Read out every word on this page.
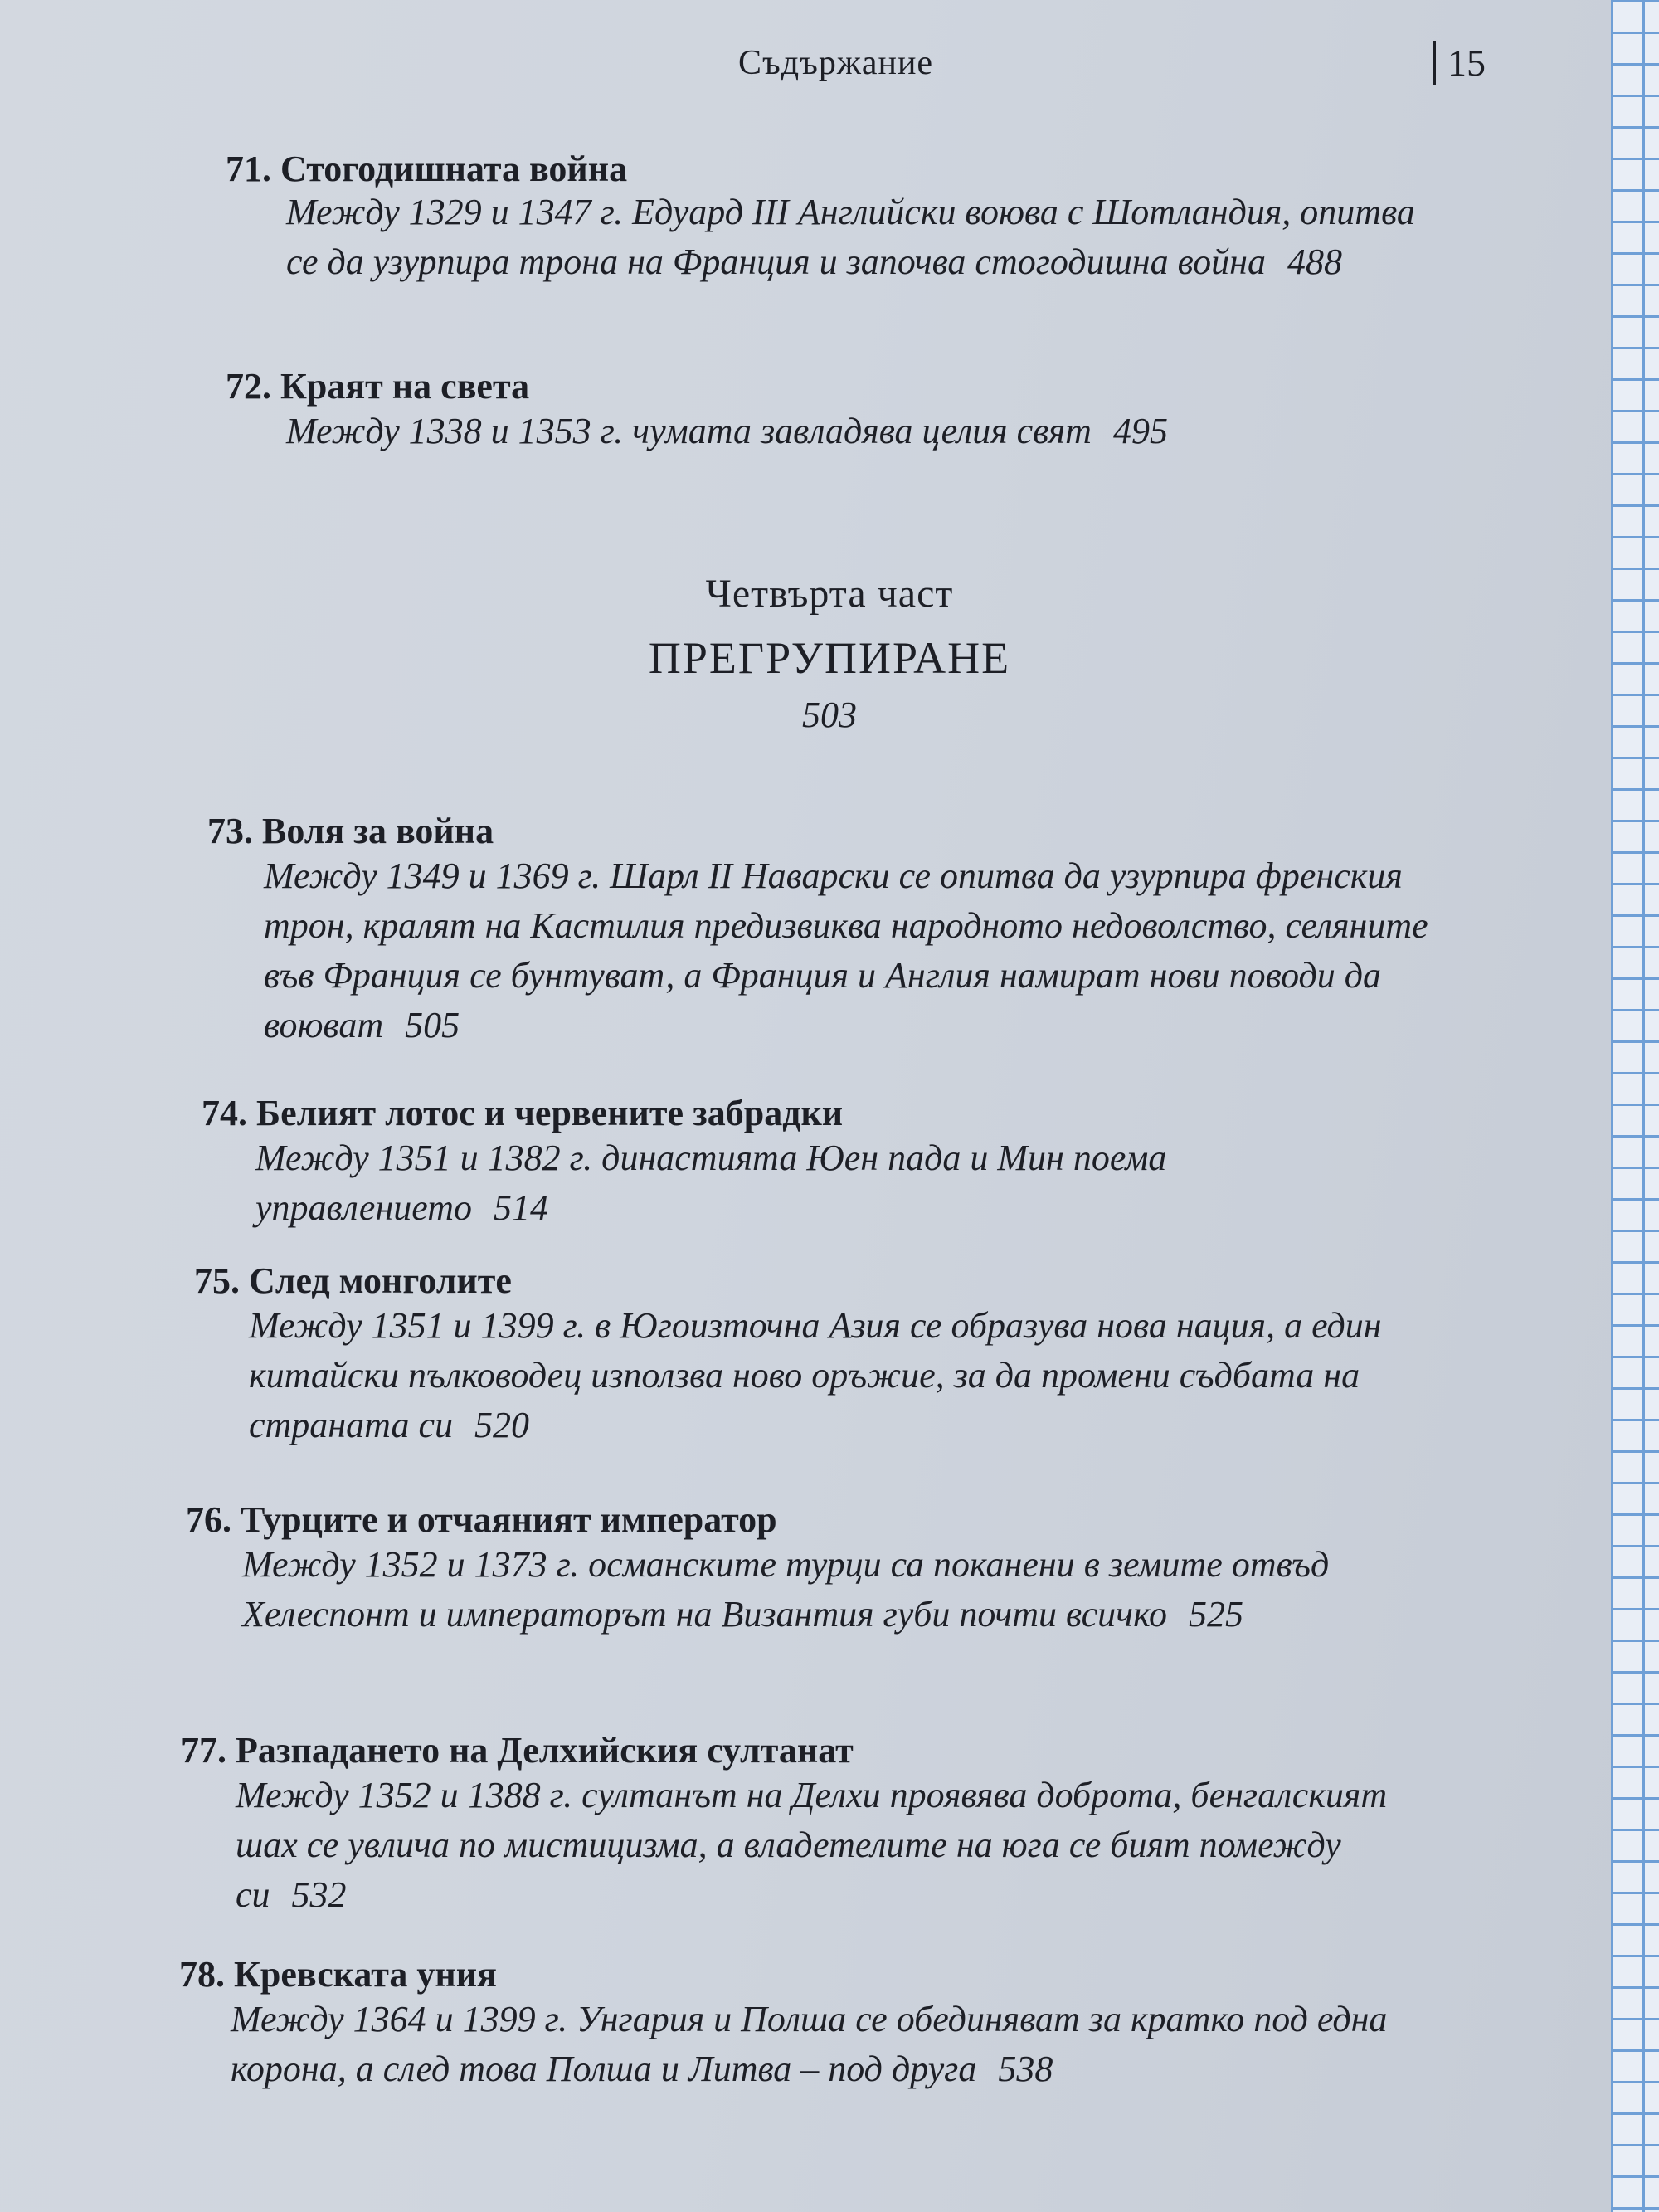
Съдържание	15
71. Стогодишната война
Между 1329 и 1347 г. Едуард III Английски воюва с Шотландия, опитва се да узурпира трона на Франция и започва стогодишна война 488
72. Краят на света
Между 1338 и 1353 г. чумата завладява целия свят 495
Четвърта част
ПРЕГРУПИРАНЕ
503
73. Воля за война
Между 1349 и 1369 г. Шарл II Наварски се опитва да узурпира френския трон, кралят на Кастилия предизвиква народното недоволство, селяните във Франция се бунтуват, а Франция и Англия намират нови поводи да воюват 505
74. Белият лотос и червените забрадки
Между 1351 и 1382 г. династията Юен пада и Мин поема управлението 514
75. След монголите
Между 1351 и 1399 г. в Югоизточна Азия се образува нова нация, а един китайски пълководец използва ново оръжие, за да промени съдбата на страната си 520
76. Турците и отчаяният император
Между 1352 и 1373 г. османските турци са поканени в земите отвъд Хелеспонт и императорът на Византия губи почти всичко 525
77. Разпадането на Делхийския султанат
Между 1352 и 1388 г. султанът на Делхи проявява доброта, бенгалският шах се увлича по мистицизма, а владетелите на юга се бият помежду си 532
78. Кревската уния
Между 1364 и 1399 г. Унгария и Полша се обединяват за кратко под една корона, а след това Полша и Литва – под друга 538
